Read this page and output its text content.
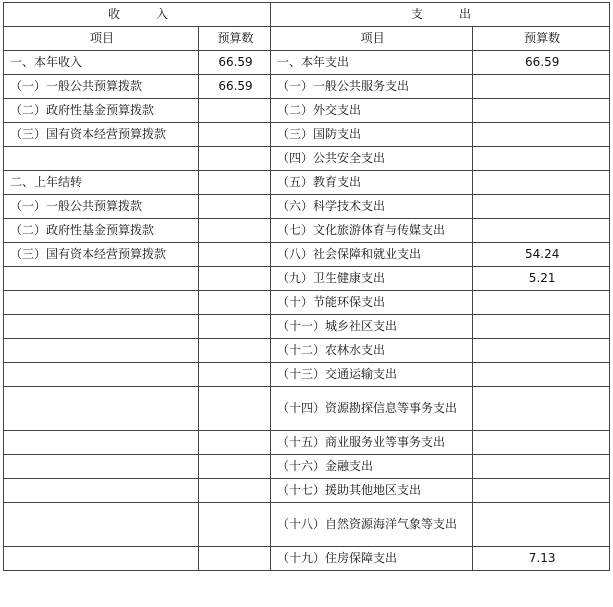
收　　　入		支　　　出	
项目	预算数	项目	预算数
一、本年收入	66.59	一、本年支出	66.59
（一）一般公共预算拨款	66.59	（一）一般公共服务支出	
（二）政府性基金预算拨款		（二）外交支出	
（三）国有资本经营预算拨款		（三）国防支出	
		（四）公共安全支出	
二、上年结转		（五）教育支出	
（一）一般公共预算拨款		（六）科学技术支出	
（二）政府性基金预算拨款		（七）文化旅游体育与传媒支出	
（三）国有资本经营预算拨款		（八）社会保障和就业支出	54.24
		（九）卫生健康支出	5.21
		（十）节能环保支出	
		（十一）城乡社区支出	
		（十二）农林水支出	
		（十三）交通运输支出	

		（十四）资源勘探信息等事务支出	

		（十五）商业服务业等事务支出	
		（十六）金融支出	
		（十七）援助其他地区支出	

		（十八）自然资源海洋气象等支出	

		（十九）住房保障支出	7.13
